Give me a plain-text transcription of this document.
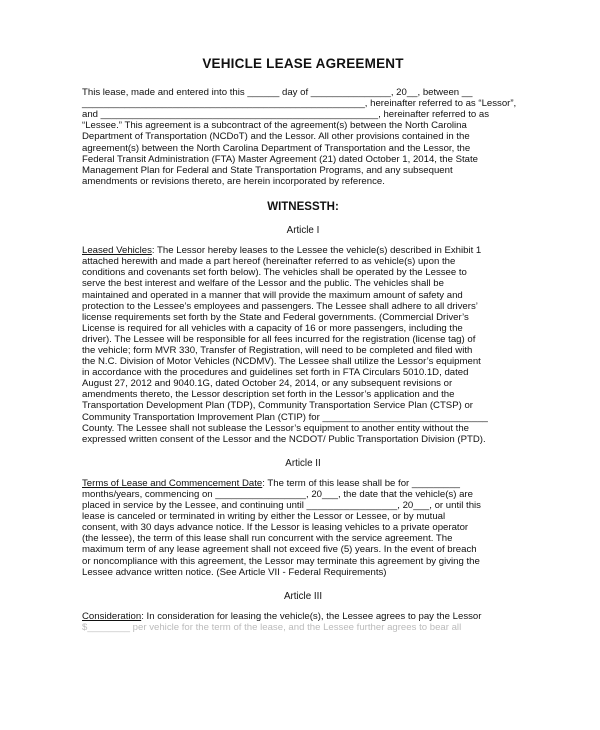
VEHICLE LEASE AGREEMENT

This lease, made and entered into this ______ day of _______________, 20__, between __
_____________________________________________________, hereinafter referred to as “Lessor”,
and ____________________________________________________, hereinafter referred to as
“Lessee.” This agreement is a subcontract of the agreement(s) between the North Carolina
Department of Transportation (NCDoT) and the Lessor. All other provisions contained in the
agreement(s) between the North Carolina Department of Transportation and the Lessor, the
Federal Transit Administration (FTA) Master Agreement (21) dated October 1, 2014, the State
Management Plan for Federal and State Transportation Programs, and any subsequent
amendments or revisions thereto, are herein incorporated by reference.

WITNESSTH:
Article I

Leased Vehicles: The Lessor hereby leases to the Lessee the vehicle(s) described in Exhibit 1
attached herewith and made a part hereof (hereinafter referred to as vehicle(s) upon the
conditions and covenants set forth below). The vehicles shall be operated by the Lessee to
serve the best interest and welfare of the Lessor and the public. The vehicles shall be
maintained and operated in a manner that will provide the maximum amount of safety and
protection to the Lessee’s employees and passengers. The Lessee shall adhere to all drivers’
license requirements set forth by the State and Federal governments. (Commercial Driver’s
License is required for all vehicles with a capacity of 16 or more passengers, including the
driver). The Lessee will be responsible for all fees incurred for the registration (license tag) of
the vehicle; form MVR 330, Transfer of Registration, will need to be completed and filed with
the N.C. Division of Motor Vehicles (NCDMV). The Lessee shall utilize the Lessor’s equipment
in accordance with the procedures and guidelines set forth in FTA Circulars 5010.1D, dated
August 27, 2012 and 9040.1G, dated October 24, 2014, or any subsequent revisions or
amendments thereto, the Lessor description set forth in the Lessor’s application and the
Transportation Development Plan (TDP), Community Transportation Service Plan (CTSP) or
Community Transportation Improvement Plan (CTIP) for _______________________________
County. The Lessee shall not sublease the Lessor’s equipment to another entity without the
expressed written consent of the Lessor and the NCDOT/ Public Transportation Division (PTD).

Article II

Terms of Lease and Commencement Date: The term of this lease shall be for _________
months/years, commencing on _________________, 20___, the date that the vehicle(s) are
placed in service by the Lessee, and continuing until _________________, 20___, or until this
lease is canceled or terminated in writing by either the Lessor or Lessee, or by mutual
consent, with 30 days advance notice. If the Lessor is leasing vehicles to a private operator
(the lessee), the term of this lease shall run concurrent with the service agreement. The
maximum term of any lease agreement shall not exceed five (5) years. In the event of breach
or noncompliance with this agreement, the Lessor may terminate this agreement by giving the
Lessee advance written notice. (See Article VII - Federal Requirements)

Article III

Consideration: In consideration for leasing the vehicle(s), the Lessee agrees to pay the Lessor
$________ per vehicle for the term of the lease, and the Lessee further agrees to bear all
